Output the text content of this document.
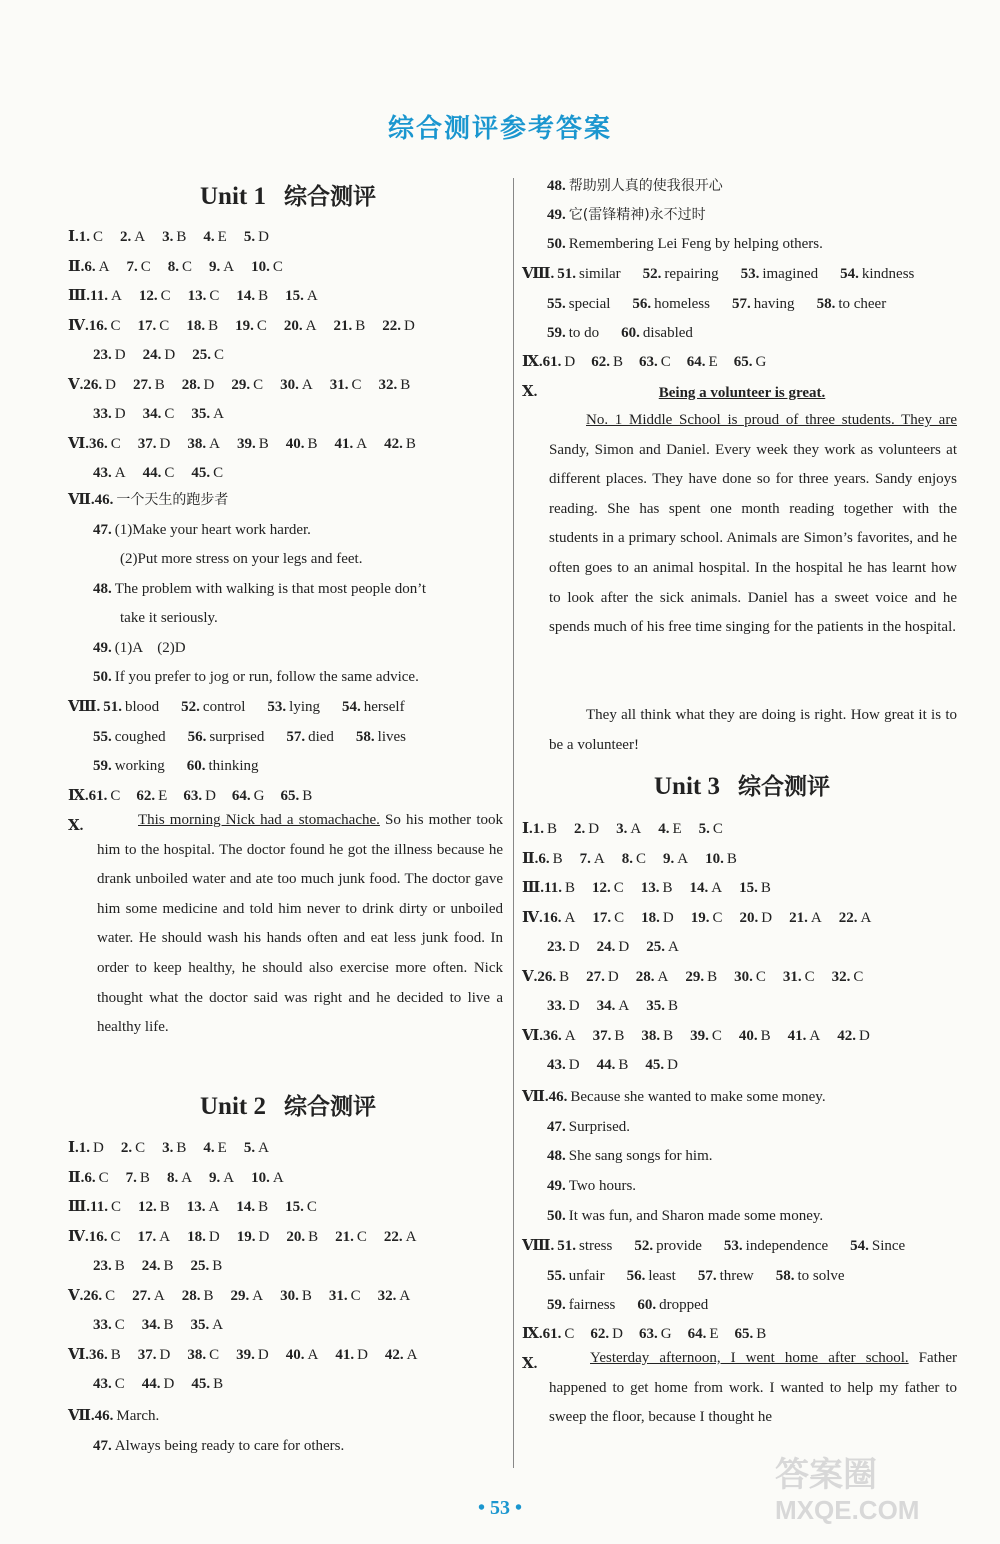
综合测评参考答案
Unit 1 综合测评
Ⅰ.1. C 2. A 3. B 4. E 5. D
Ⅱ.6. A 7. C 8. C 9. A 10. C
Ⅲ.11. A 12. C 13. C 14. B 15. A
Ⅳ.16. C 17. C 18. B 19. C 20. A 21. B 22. D
23. D 24. D 25. C
Ⅴ.26. D 27. B 28. D 29. C 30. A 31. C 32. B
33. D 34. C 35. A
Ⅵ.36. C 37. D 38. A 39. B 40. B 41. A 42. B
43. A 44. C 45. C
Ⅶ.46. 一个天生的跑步者
47. (1)Make your heart work harder.
(2)Put more stress on your legs and feet.
48. The problem with walking is that most people don’t
take it seriously.
49. (1)A　(2)D
50. If you prefer to jog or run, follow the same advice.
Ⅷ. 51. blood 52. control 53. lying 54. herself
55. coughed 56. surprised 57. died 58. lives
59. working 60. thinking
Ⅸ.61. C 62. E 63. D 64. G 65. B
Ⅹ.	This morning Nick had a stomachache. So his mother took him to the hospital. The doctor found he got the illness because he drank unboiled water and ate too much junk food. The doctor gave him some medicine and told him never to drink dirty or unboiled water. He should wash his hands often and eat less junk food. In order to keep healthy, he should also exercise more often. Nick thought what the doctor said was right and he decided to live a healthy life.
Unit 2 综合测评
Ⅰ.1. D 2. C 3. B 4. E 5. A
Ⅱ.6. C 7. B 8. A 9. A 10. A
Ⅲ.11. C 12. B 13. A 14. B 15. C
Ⅳ.16. C 17. A 18. D 19. D 20. B 21. C 22. A
23. B 24. B 25. B
Ⅴ.26. C 27. A 28. B 29. A 30. B 31. C 32. A
33. C 34. B 35. A
Ⅵ.36. B 37. D 38. C 39. D 40. A 41. D 42. A
43. C 44. D 45. B
Ⅶ.46. March.
47. Always being ready to care for others.
48. 帮助别人真的使我很开心
49. 它(雷锋精神)永不过时
50. Remembering Lei Feng by helping others.
Ⅷ. 51. similar 52. repairing 53. imagined 54. kindness
55. special 56. homeless 57. having 58. to cheer
59. to do 60. disabled
Ⅸ.61. D 62. B 63. C 64. E 65. G
Ⅹ.	Being a volunteer is great.
No. 1 Middle School is proud of three students. They are Sandy, Simon and Daniel. Every week they work as volunteers at different places. They have done so for three years. Sandy enjoys reading. She has spent one month reading together with the students in a primary school. Animals are Simon’s favorites, and he often goes to an animal hospital. In the hospital he has learnt how to look after the sick animals. Daniel has a sweet voice and he spends much of his free time singing for the patients in the hospital.
They all think what they are doing is right. How great it is to be a volunteer!
Unit 3 综合测评
Ⅰ.1. B 2. D 3. A 4. E 5. C
Ⅱ.6. B 7. A 8. C 9. A 10. B
Ⅲ.11. B 12. C 13. B 14. A 15. B
Ⅳ.16. A 17. C 18. D 19. C 20. D 21. A 22. A
23. D 24. D 25. A
Ⅴ.26. B 27. D 28. A 29. B 30. C 31. C 32. C
33. D 34. A 35. B
Ⅵ.36. A 37. B 38. B 39. C 40. B 41. A 42. D
43. D 44. B 45. D
Ⅶ.46. Because she wanted to make some money.
47. Surprised.
48. She sang songs for him.
49. Two hours.
50. It was fun, and Sharon made some money.
Ⅷ. 51. stress 52. provide 53. independence 54. Since
55. unfair 56. least 57. threw 58. to solve
59. fairness 60. dropped
Ⅸ.61. C 62. D 63. G 64. E 65. B
Ⅹ.	Yesterday afternoon, I went home after school. Father happened to get home from work. I wanted to help my father to sweep the floor, because I thought he
• 53 •
答案圈
MXQE.COM
